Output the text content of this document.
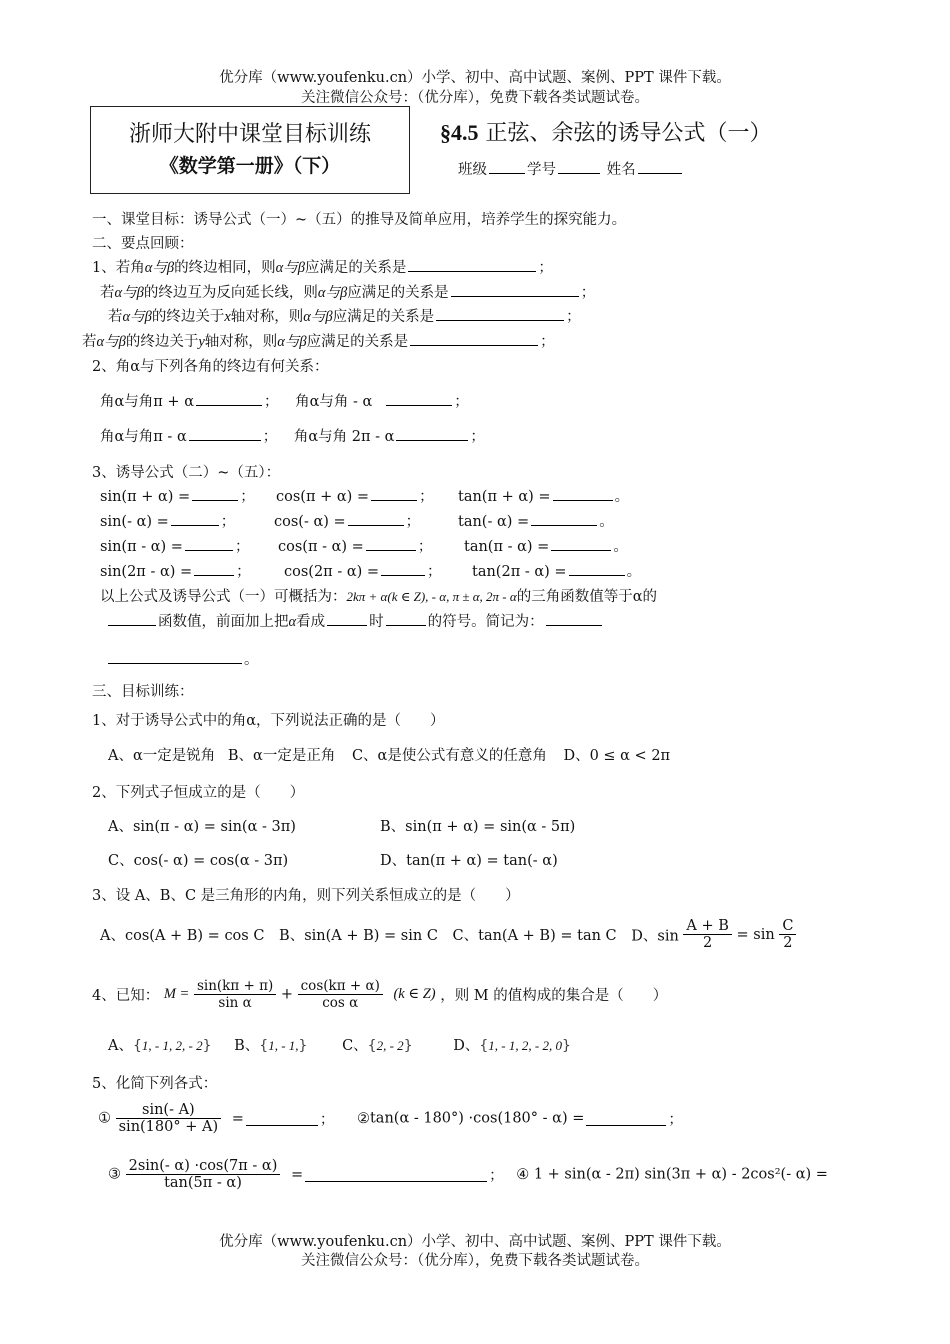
优分库（www.youfenku.cn）小学、初中、高中试题、案例、PPT 课件下载。
关注微信公众号：（优分库），免费下载各类试题试卷。
浙师大附中课堂目标训练
《数学第一册》（下）
§4.5 正弦、余弦的诱导公式（一）
班级	学号	姓名
一、课堂目标：诱导公式（一）~（五）的推导及简单应用，培养学生的探究能力。
二、要点回顾：
1、若角α与β的终边相同，则α与β应满足的关系是	；
若α与β的终边互为反向延长线，则α与β应满足的关系是	；
若α与β的终边关于x轴对称，则α与β应满足的关系是	；
若α与β的终边关于y轴对称，则α与β应满足的关系是	；
2、角α与下列各角的终边有何关系：
角α与角π + α	； 角α与角 - α	；
角α与角π - α	； 角α与角 2π - α	；
3、诱导公式（二）~（五）：
sin(π + α) =	； cos(π + α) =	； tan(π + α) =	。
sin(- α) =	；	cos(- α) =	；	tan(- α) =	。
sin(π - α) =	； cos(π - α) =	； tan(π - α) =	。
sin(2π - α) =	； cos(2π - α) =	； tan(2π - α) =	。
以上公式及诱导公式（一）可概括为：2kπ + α(k ∈ Z), - α, π ± α, 2π - α的三角函数值等于α的
函数值，前面加上把α看成	时	的符号。简记为：
。
三、目标训练：
1、对于诱导公式中的角α，下列说法正确的是（　　）
A、α一定是锐角 B、α一定是正角 C、α是使公式有意义的任意角 D、0 ≤ α < 2π
2、下列式子恒成立的是（　　）
A、sin(π - α) = sin(α - 3π)	B、sin(π + α) = sin(α - 5π)
C、cos(- α) = cos(α - 3π)	D、tan(π + α) = tan(- α)
3、设 A、B、C 是三角形的内角，则下列关系恒成立的是（　　）
A、cos(A + B) = cos C B、sin(A + B) = sin C C、tan(A + B) = tan C D、$\sin \frac{A + B}{2} = \sin \frac{C}{2}$
4、已知： $M = \frac{\sin(k\pi + \pi)}{\text{sin α}} + \frac{\cos(k\pi + \alpha)}{\text{cos α}} (k$ ∈ Z) ，则 M 的值构成的集合是（　　）
A、{1, - 1, 2, - 2} B、{1, - 1,} C、{2, - 2}	D、{1, - 1, 2, - 2, 0}
5、化简下列各式：
① $\frac{\sin(- A)}{\sin(180^\circ + A)}$ =	； ②tan(α - 180°) ·cos(180° - α) =	；
③ $\frac{2\sin(- \alpha) \cdot\cos(7\pi - \alpha)}{\tan(5\pi - \alpha)}$ =	； ④ 1 + sin(α - 2π) sin(3π + α) - 2cos²(- α) =
优分库（www.youfenku.cn）小学、初中、高中试题、案例、PPT 课件下载。
关注微信公众号：（优分库），免费下载各类试题试卷。
